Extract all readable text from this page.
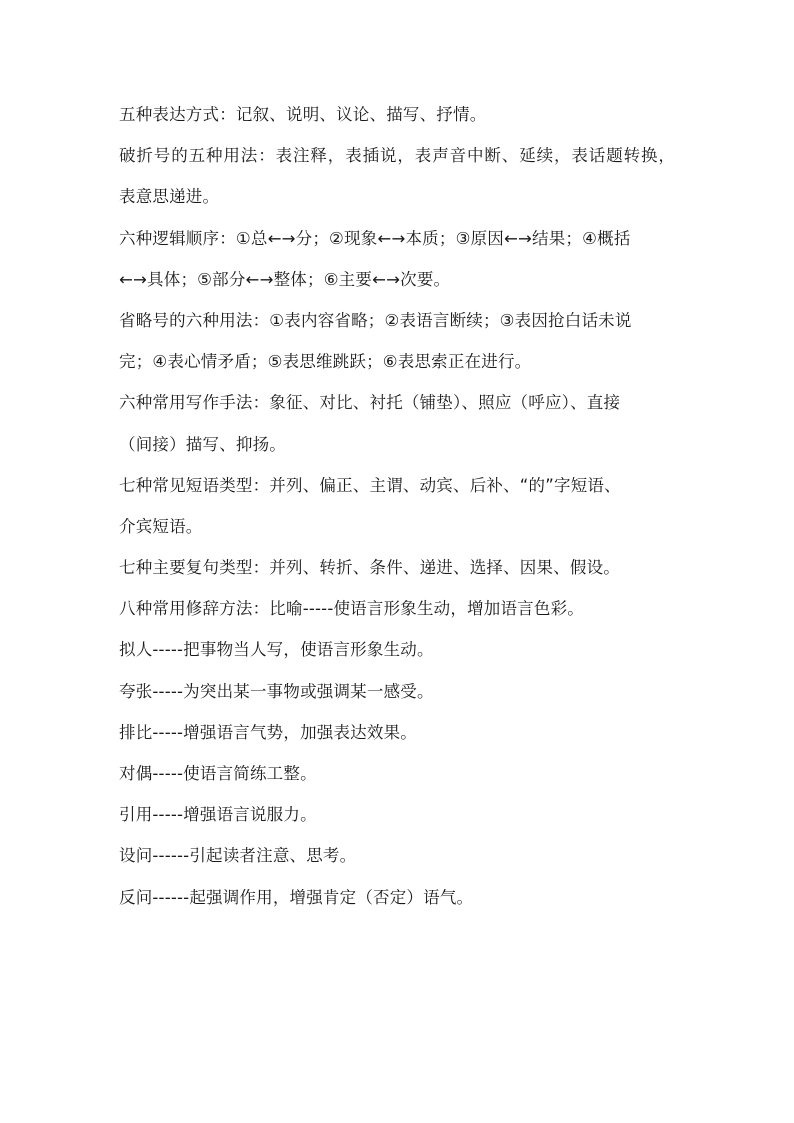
五种表达方式：记叙、说明、议论、描写、抒情。
破折号的五种用法：表注释，表插说，表声音中断、延续，表话题转换，
表意思递进。
六种逻辑顺序：①总←→分；②现象←→本质；③原因←→结果；④概括
←→具体；⑤部分←→整体；⑥主要←→次要。
省略号的六种用法：①表内容省略；②表语言断续；③表因抢白话未说
完；④表心情矛盾；⑤表思维跳跃；⑥表思索正在进行。
六种常用写作手法：象征、对比、衬托（铺垫）、照应（呼应）、直接
（间接）描写、抑扬。
七种常见短语类型：并列、偏正、主谓、动宾、后补、“的”字短语、
介宾短语。
七种主要复句类型：并列、转折、条件、递进、选择、因果、假设。
八种常用修辞方法：比喻-----使语言形象生动，增加语言色彩。
拟人-----把事物当人写，使语言形象生动。
夸张-----为突出某一事物或强调某一感受。
排比-----增强语言气势，加强表达效果。
对偶-----使语言简练工整。
引用-----增强语言说服力。
设问------引起读者注意、思考。
反问------起强调作用，增强肯定（否定）语气。
